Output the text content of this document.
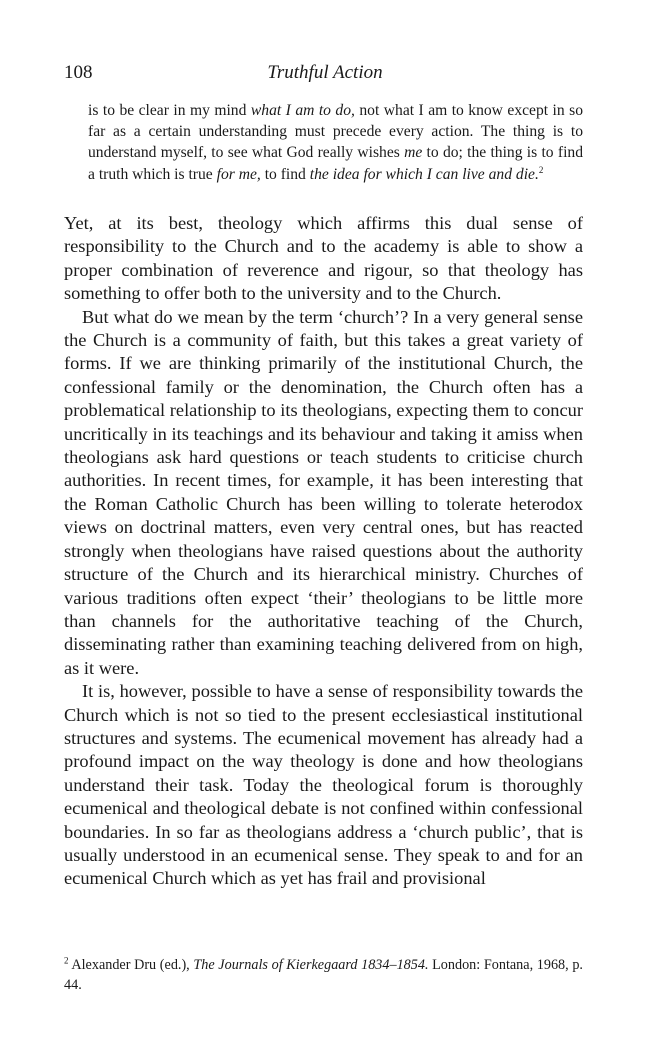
108	Truthful Action
is to be clear in my mind what I am to do, not what I am to know except in so far as a certain understanding must precede every action. The thing is to understand myself, to see what God really wishes me to do; the thing is to find a truth which is true for me, to find the idea for which I can live and die.$^2$

Yet, at its best, theology which affirms this dual sense of responsibility to the Church and to the academy is able to show a proper combination of reverence and rigour, so that theology has something to offer both to the university and to the Church.

But what do we mean by the term ‘church’? In a very general sense the Church is a community of faith, but this takes a great variety of forms. If we are thinking primarily of the institutional Church, the confessional family or the denomination, the Church often has a problematical relationship to its theologians, expecting them to concur uncritically in its teachings and its behaviour and taking it amiss when theologians ask hard questions or teach students to criticise church authorities. In recent times, for example, it has been interesting that the Roman Catholic Church has been willing to tolerate heterodox views on doctrinal matters, even very central ones, but has reacted strongly when theologians have raised questions about the authority structure of the Church and its hierarchical ministry. Churches of various traditions often expect ‘their’ theologians to be little more than channels for the authoritative teaching of the Church, disseminating rather than examining teaching delivered from on high, as it were.

It is, however, possible to have a sense of responsibility towards the Church which is not so tied to the present ecclesiastical institutional structures and systems. The ecumenical movement has already had a profound impact on the way theology is done and how theologians understand their task. Today the theological forum is thoroughly ecumenical and theological debate is not confined within confessional boundaries. In so far as theologians address a ‘church public’, that is usually understood in an ecumenical sense. They speak to and for an ecumenical Church which as yet has frail and provisional

$^2$ Alexander Dru (ed.), The Journals of Kierkegaard 1834–1854. London: Fontana, 1968, p. 44.
